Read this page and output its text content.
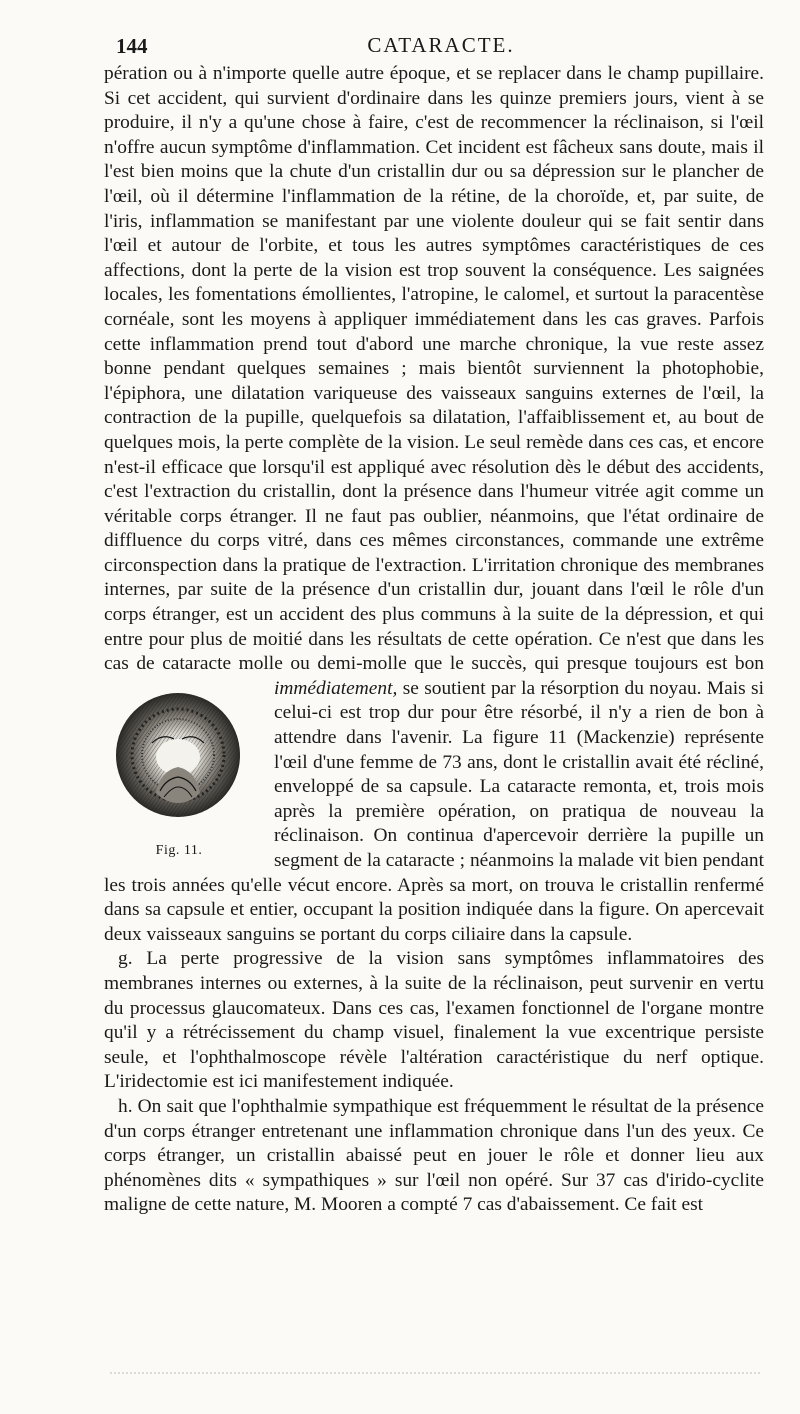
144	CATARACTE.

pération ou à n'importe quelle autre époque, et se replacer dans le champ pupillaire. Si cet accident, qui survient d'ordinaire dans les quinze premiers jours, vient à se produire, il n'y a qu'une chose à faire, c'est de recommencer la réclinaison, si l'œil n'offre aucun symptôme d'inflammation. Cet incident est fâcheux sans doute, mais il l'est bien moins que la chute d'un cristallin dur ou sa dépression sur le plancher de l'œil, où il détermine l'inflammation de la rétine, de la choroïde, et, par suite, de l'iris, inflammation se manifestant par une violente douleur qui se fait sentir dans l'œil et autour de l'orbite, et tous les autres symptômes caractéristiques de ces affections, dont la perte de la vision est trop souvent la conséquence. Les saignées locales, les fomentations émollientes, l'atropine, le calomel, et surtout la paracentèse cornéale, sont les moyens à appliquer immédiatement dans les cas graves. Parfois cette inflammation prend tout d'abord une marche chronique, la vue reste assez bonne pendant quelques semaines ; mais bientôt surviennent la photophobie, l'épiphora, une dilatation variqueuse des vaisseaux sanguins externes de l'œil, la contraction de la pupille, quelquefois sa dilatation, l'affaiblissement et, au bout de quelques mois, la perte complète de la vision. Le seul remède dans ces cas, et encore n'est-il efficace que lorsqu'il est appliqué avec résolution dès le début des accidents, c'est l'extraction du cristallin, dont la présence dans l'humeur vitrée agit comme un véritable corps étranger. Il ne faut pas oublier, néanmoins, que l'état ordinaire de diffluence du corps vitré, dans ces mêmes circonstances, commande une extrême circonspection dans la pratique de l'extraction. L'irritation chronique des membranes internes, par suite de la présence d'un cristallin dur, jouant dans l'œil le rôle d'un corps étranger, est un accident des plus communs à la suite de la dépression, et qui entre pour plus de moitié dans les résultats de cette opération. Ce n'est que dans les cas de cataracte molle ou demi-molle que le succès, qui presque toujours est bon immédiatement,
Fig. 11.
se soutient par la résorption du noyau. Mais si celui-ci est trop dur pour être résorbé, il n'y a rien de bon à attendre dans l'avenir. La figure 11 (Mackenzie) représente l'œil d'une femme de 73 ans, dont le cristallin avait été récliné, enveloppé de sa capsule. La cataracte remonta, et, trois mois après la première opération, on pratiqua de nouveau la réclinaison. On continua d'apercevoir derrière la pupille un segment de la cataracte ; néanmoins la malade vit bien pendant les trois années qu'elle vécut encore. Après sa mort, on trouva le cristallin renfermé dans sa capsule et entier, occupant la position indiquée dans la figure. On apercevait deux vaisseaux sanguins se portant du corps ciliaire dans la capsule.

g. La perte progressive de la vision sans symptômes inflammatoires des membranes internes ou externes, à la suite de la réclinaison, peut survenir en vertu du processus glaucomateux. Dans ces cas, l'examen fonctionnel de l'organe montre qu'il y a rétrécissement du champ visuel, finalement la vue excentrique persiste seule, et l'ophthalmoscope révèle l'altération caractéristique du nerf optique. L'iridectomie est ici manifestement indiquée.

h. On sait que l'ophthalmie sympathique est fréquemment le résultat de la présence d'un corps étranger entretenant une inflammation chronique dans l'un des yeux. Ce corps étranger, un cristallin abaissé peut en jouer le rôle et donner lieu aux phénomènes dits « sympathiques » sur l'œil non opéré. Sur 37 cas d'irido-cyclite maligne de cette nature, M. Mooren a compté 7 cas d'abaissement. Ce fait est
